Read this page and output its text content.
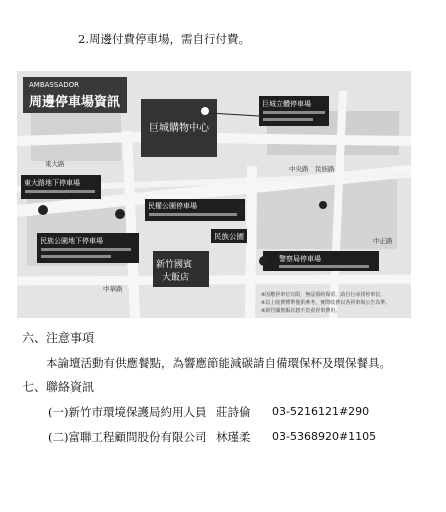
2.周邊付費停車場，需自行付費。
AMBASSADOR
周邊停車場資訊
巨城購物中心
巨城立體停車場
東大路地下停車場
民權公園停車場
民族公園地下停車場	民族公園
警察局停車場
新竹國賓
大飯店
東大路
中華路
中央路 民族路
中正路
※因應停車位有限，無法預約保留，請自行尋找停車位。
※以上收費標準僅供參考，實際收費以各停車場公告為準。
※新竹國賓飯店恕不負責停車費用。
六、注意事項
本論壇活動有供應餐點，為響應節能減碳請自備環保杯及環保餐具。
七、聯絡資訊
(一)新竹市環境保護局約用人員 莊詩倫 03-5216121#290
(二)富聯工程顧問股份有限公司 林瑾柔 03-5368920#1105
